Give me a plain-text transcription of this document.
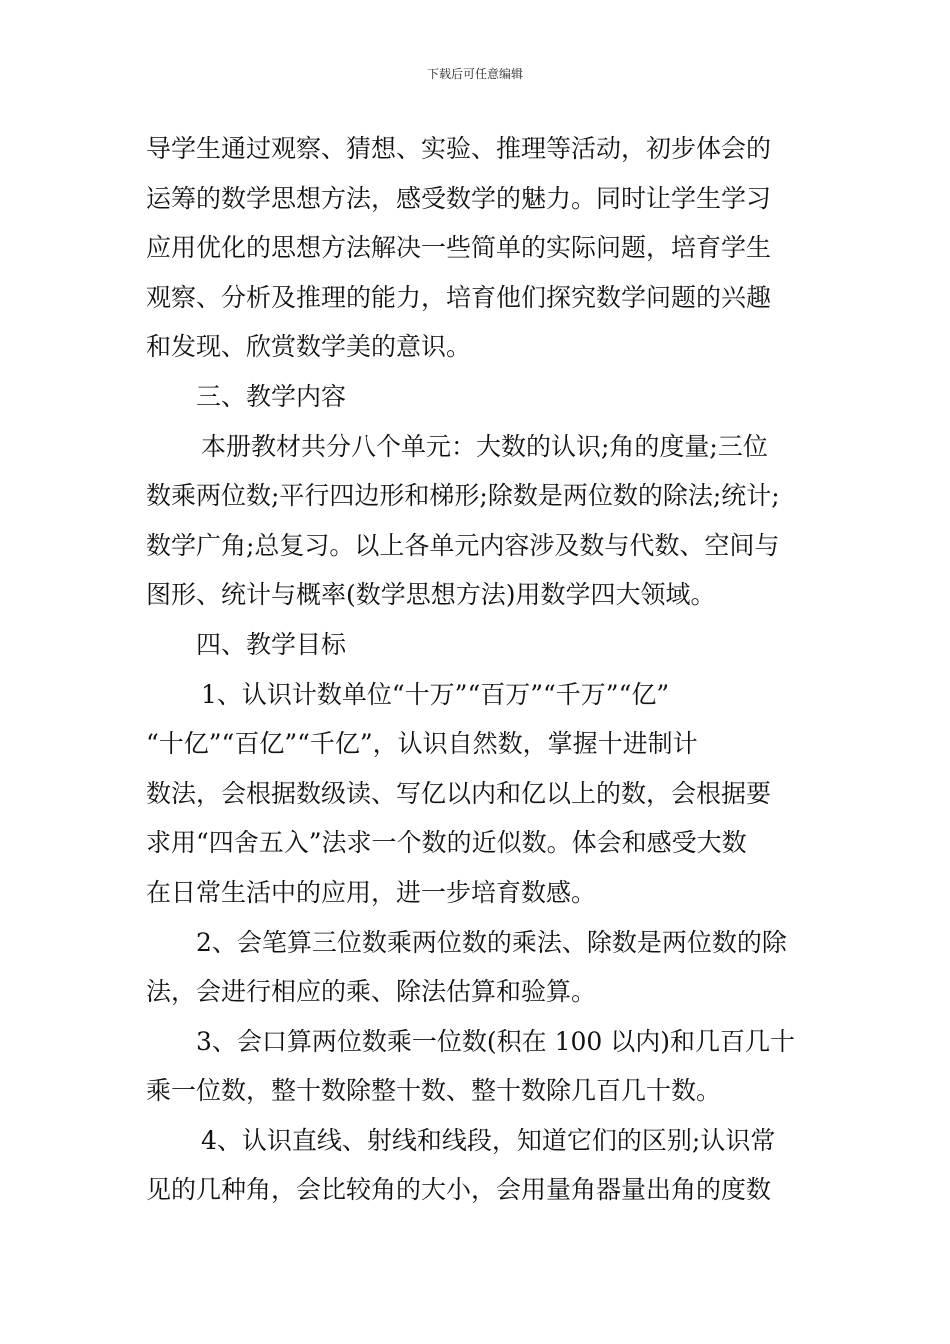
下载后可任意编辑
导学生通过观察、猜想、实验、推理等活动，初步体会的
运筹的数学思想方法，感受数学的魅力。同时让学生学习
应用优化的思想方法解决一些简单的实际问题，培育学生
观察、分析及推理的能力，培育他们探究数学问题的兴趣
和发现、欣赏数学美的意识。
三、教学内容
本册教材共分八个单元：大数的认识;角的度量;三位
数乘两位数;平行四边形和梯形;除数是两位数的除法;统计;
数学广角;总复习。以上各单元内容涉及数与代数、空间与
图形、统计与概率(数学思想方法)用数学四大领域。
四、教学目标
1、认识计数单位“十万”“百万”“千万”“亿”
“十亿”“百亿”“千亿”，认识自然数，掌握十进制计
数法，会根据数级读、写亿以内和亿以上的数，会根据要
求用“四舍五入”法求一个数的近似数。体会和感受大数
在日常生活中的应用，进一步培育数感。
2、会笔算三位数乘两位数的乘法、除数是两位数的除
法，会进行相应的乘、除法估算和验算。
3、会口算两位数乘一位数(积在 100 以内)和几百几十
乘一位数，整十数除整十数、整十数除几百几十数。
4、认识直线、射线和线段，知道它们的区别;认识常
见的几种角，会比较角的大小，会用量角器量出角的度数
